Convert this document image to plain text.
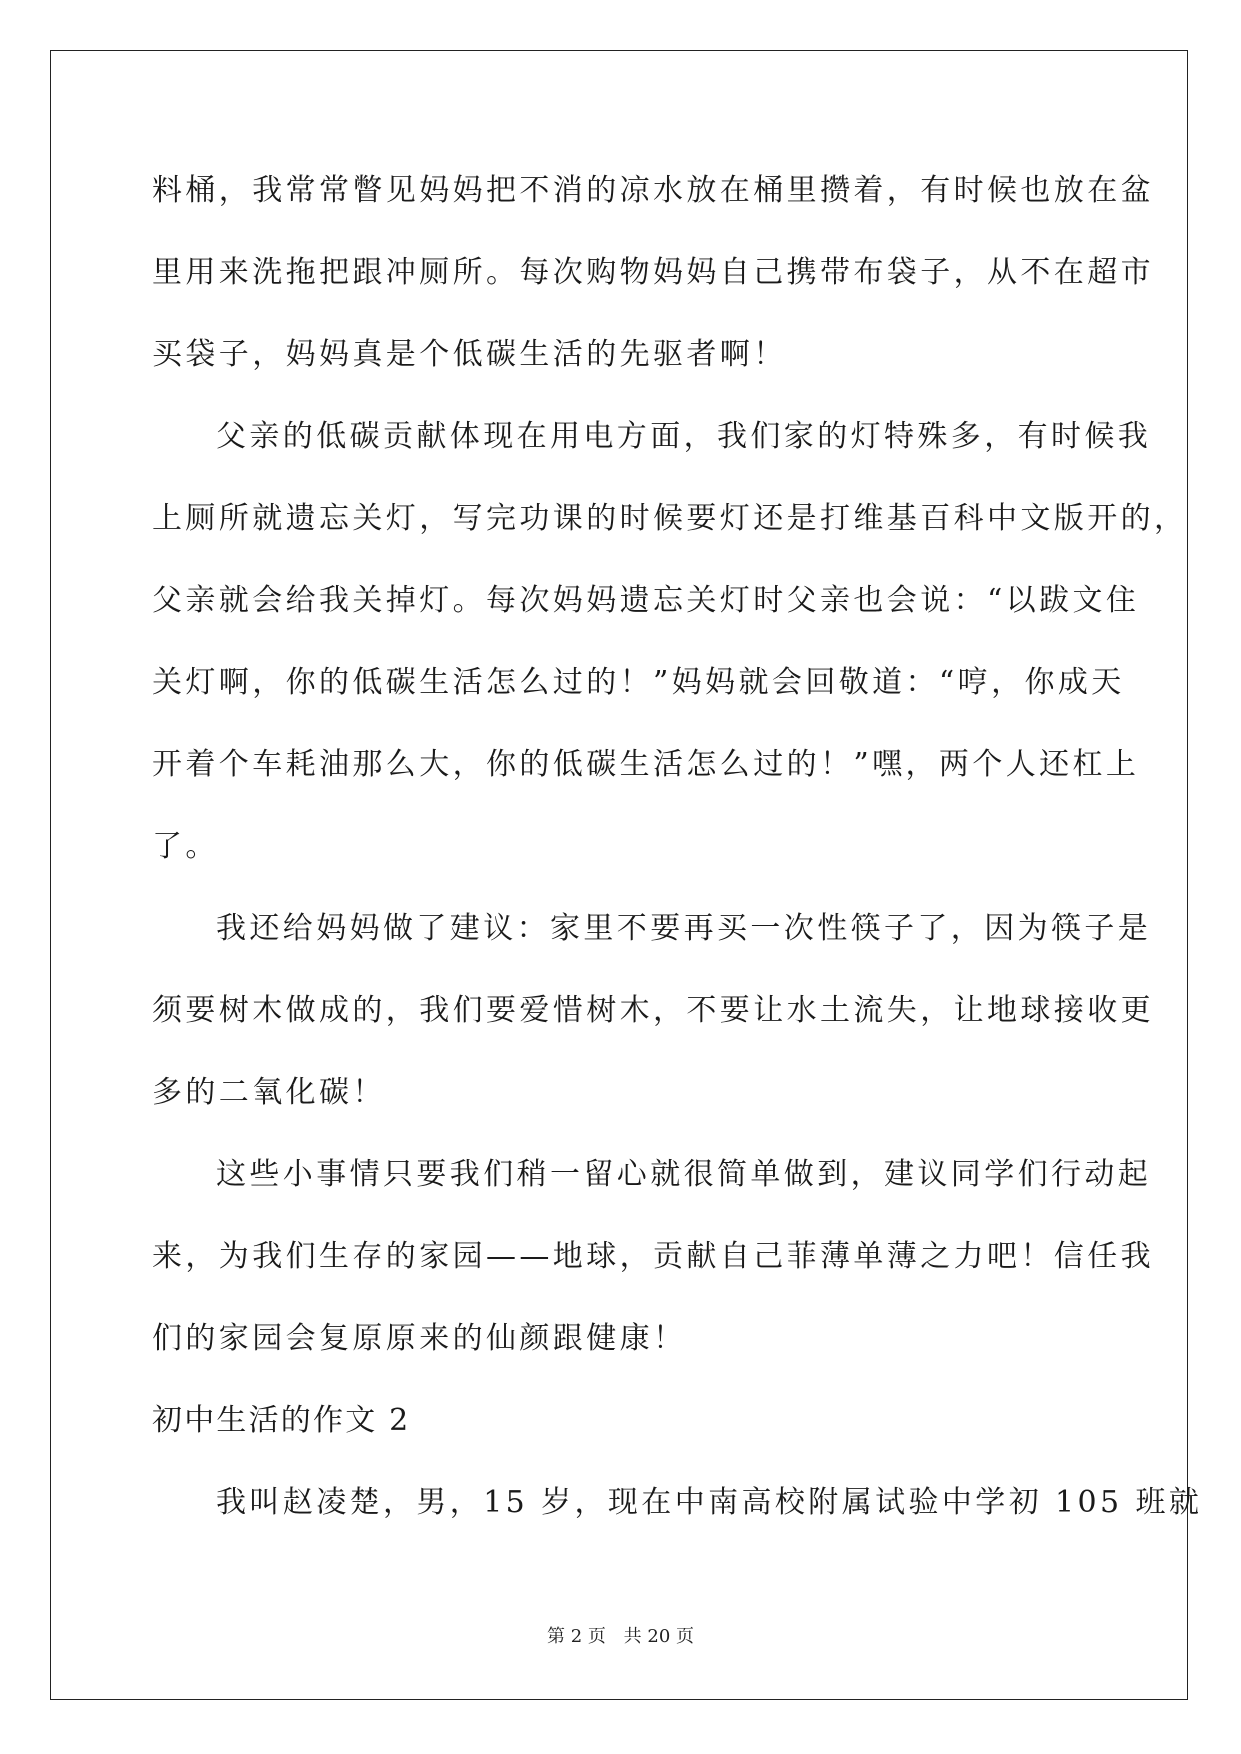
料桶，我常常瞥见妈妈把不消的凉水放在桶里攒着，有时候也放在盆
里用来洗拖把跟冲厕所。每次购物妈妈自己携带布袋子，从不在超市
买袋子，妈妈真是个低碳生活的先驱者啊！
父亲的低碳贡献体现在用电方面，我们家的灯特殊多，有时候我
上厕所就遗忘关灯，写完功课的时候要灯还是打维基百科中文版开的，
父亲就会给我关掉灯。每次妈妈遗忘关灯时父亲也会说：“以跋文住
关灯啊，你的低碳生活怎么过的！”妈妈就会回敬道：“哼，你成天
开着个车耗油那么大，你的低碳生活怎么过的！”嘿，两个人还杠上
了。
我还给妈妈做了建议：家里不要再买一次性筷子了，因为筷子是
须要树木做成的，我们要爱惜树木，不要让水土流失，让地球接收更
多的二氧化碳！
这些小事情只要我们稍一留心就很简单做到，建议同学们行动起
来，为我们生存的家园——地球，贡献自己菲薄单薄之力吧！信任我
们的家园会复原原来的仙颜跟健康！
初中生活的作文 2
我叫赵凌楚，男，15 岁，现在中南高校附属试验中学初 105 班就
第 2 页 共 20 页
